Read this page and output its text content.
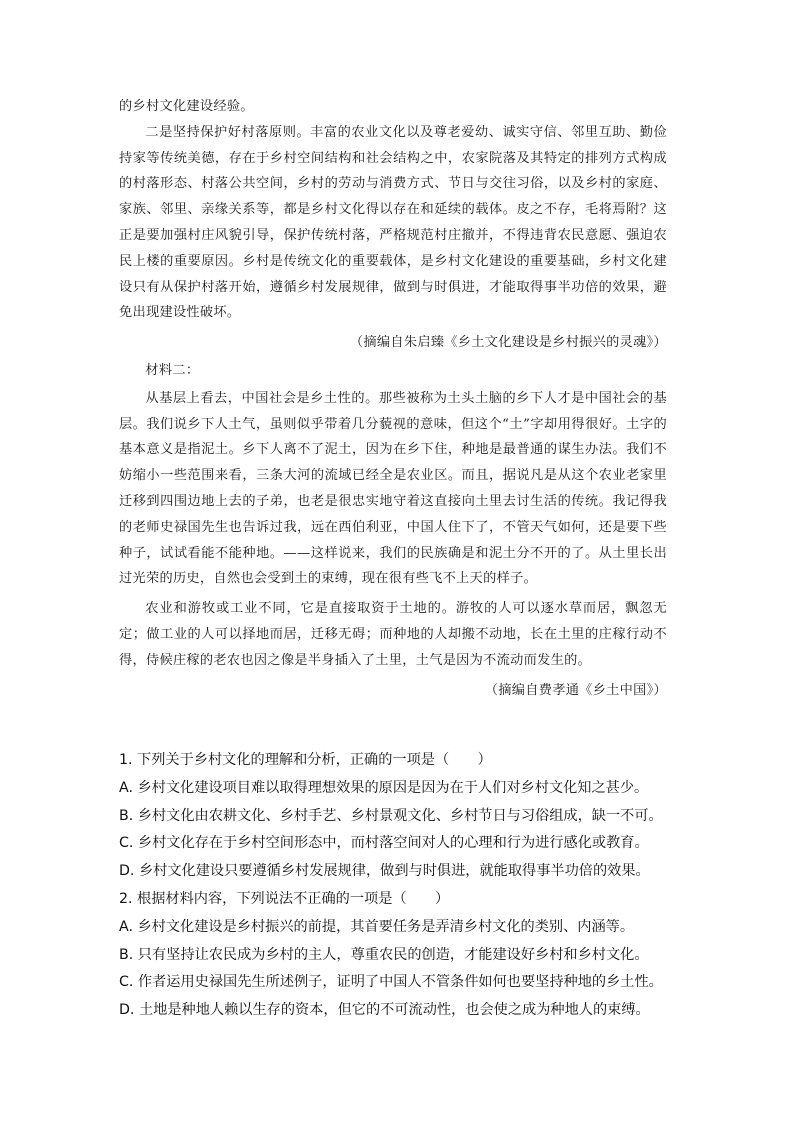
的乡村文化建设经验。

二是坚持保护好村落原则。丰富的农业文化以及尊老爱幼、诚实守信、邻里互助、勤俭持家等传统美德，存在于乡村空间结构和社会结构之中，农家院落及其特定的排列方式构成的村落形态、村落公共空间，乡村的劳动与消费方式、节日与交往习俗，以及乡村的家庭、家族、邻里、亲缘关系等，都是乡村文化得以存在和延续的载体。皮之不存，毛将焉附？这正是要加强村庄风貌引导，保护传统村落，严格规范村庄撤并，不得违背农民意愿、强迫农民上楼的重要原因。乡村是传统文化的重要载体，是乡村文化建设的重要基础，乡村文化建设只有从保护村落开始，遵循乡村发展规律，做到与时俱进，才能取得事半功倍的效果，避免出现建设性破坏。

（摘编自朱启臻《乡土文化建设是乡村振兴的灵魂》）

材料二：

从基层上看去，中国社会是乡土性的。那些被称为土头土脑的乡下人才是中国社会的基层。我们说乡下人土气，虽则似乎带着几分藐视的意味，但这个“土”字却用得很好。土字的基本意义是指泥土。乡下人离不了泥土，因为在乡下住，种地是最普通的谋生办法。我们不妨缩小一些范围来看，三条大河的流域已经全是农业区。而且，据说凡是从这个农业老家里迁移到四围边地上去的子弟，也老是很忠实地守着这直接向土里去讨生活的传统。我记得我的老师史禄国先生也告诉过我，远在西伯利亚，中国人住下了，不管天气如何，还是要下些种子，试试看能不能种地。——这样说来，我们的民族确是和泥土分不开的了。从土里长出过光荣的历史，自然也会受到土的束缚，现在很有些飞不上天的样子。

农业和游牧或工业不同，它是直接取资于土地的。游牧的人可以逐水草而居，飘忽无定；做工业的人可以择地而居，迁移无碍；而种地的人却搬不动地，长在土里的庄稼行动不得，侍候庄稼的老农也因之像是半身插入了土里，土气是因为不流动而发生的。

（摘编自费孝通《乡土中国》）

1. 下列关于乡村文化的理解和分析，正确的一项是（　　）

A. 乡村文化建设项目难以取得理想效果的原因是因为在于人们对乡村文化知之甚少。

B. 乡村文化由农耕文化、乡村手艺、乡村景观文化、乡村节日与习俗组成，缺一不可。

C. 乡村文化存在于乡村空间形态中，而村落空间对人的心理和行为进行感化或教育。

D. 乡村文化建设只要遵循乡村发展规律，做到与时俱进，就能取得事半功倍的效果。

2. 根据材料内容，下列说法不正确的一项是（　　）

A. 乡村文化建设是乡村振兴的前提，其首要任务是弄清乡村文化的类别、内涵等。

B. 只有坚持让农民成为乡村的主人，尊重农民的创造，才能建设好乡村和乡村文化。

C. 作者运用史禄国先生所述例子，证明了中国人不管条件如何也要坚持种地的乡土性。

D. 土地是种地人赖以生存的资本，但它的不可流动性，也会使之成为种地人的束缚。
